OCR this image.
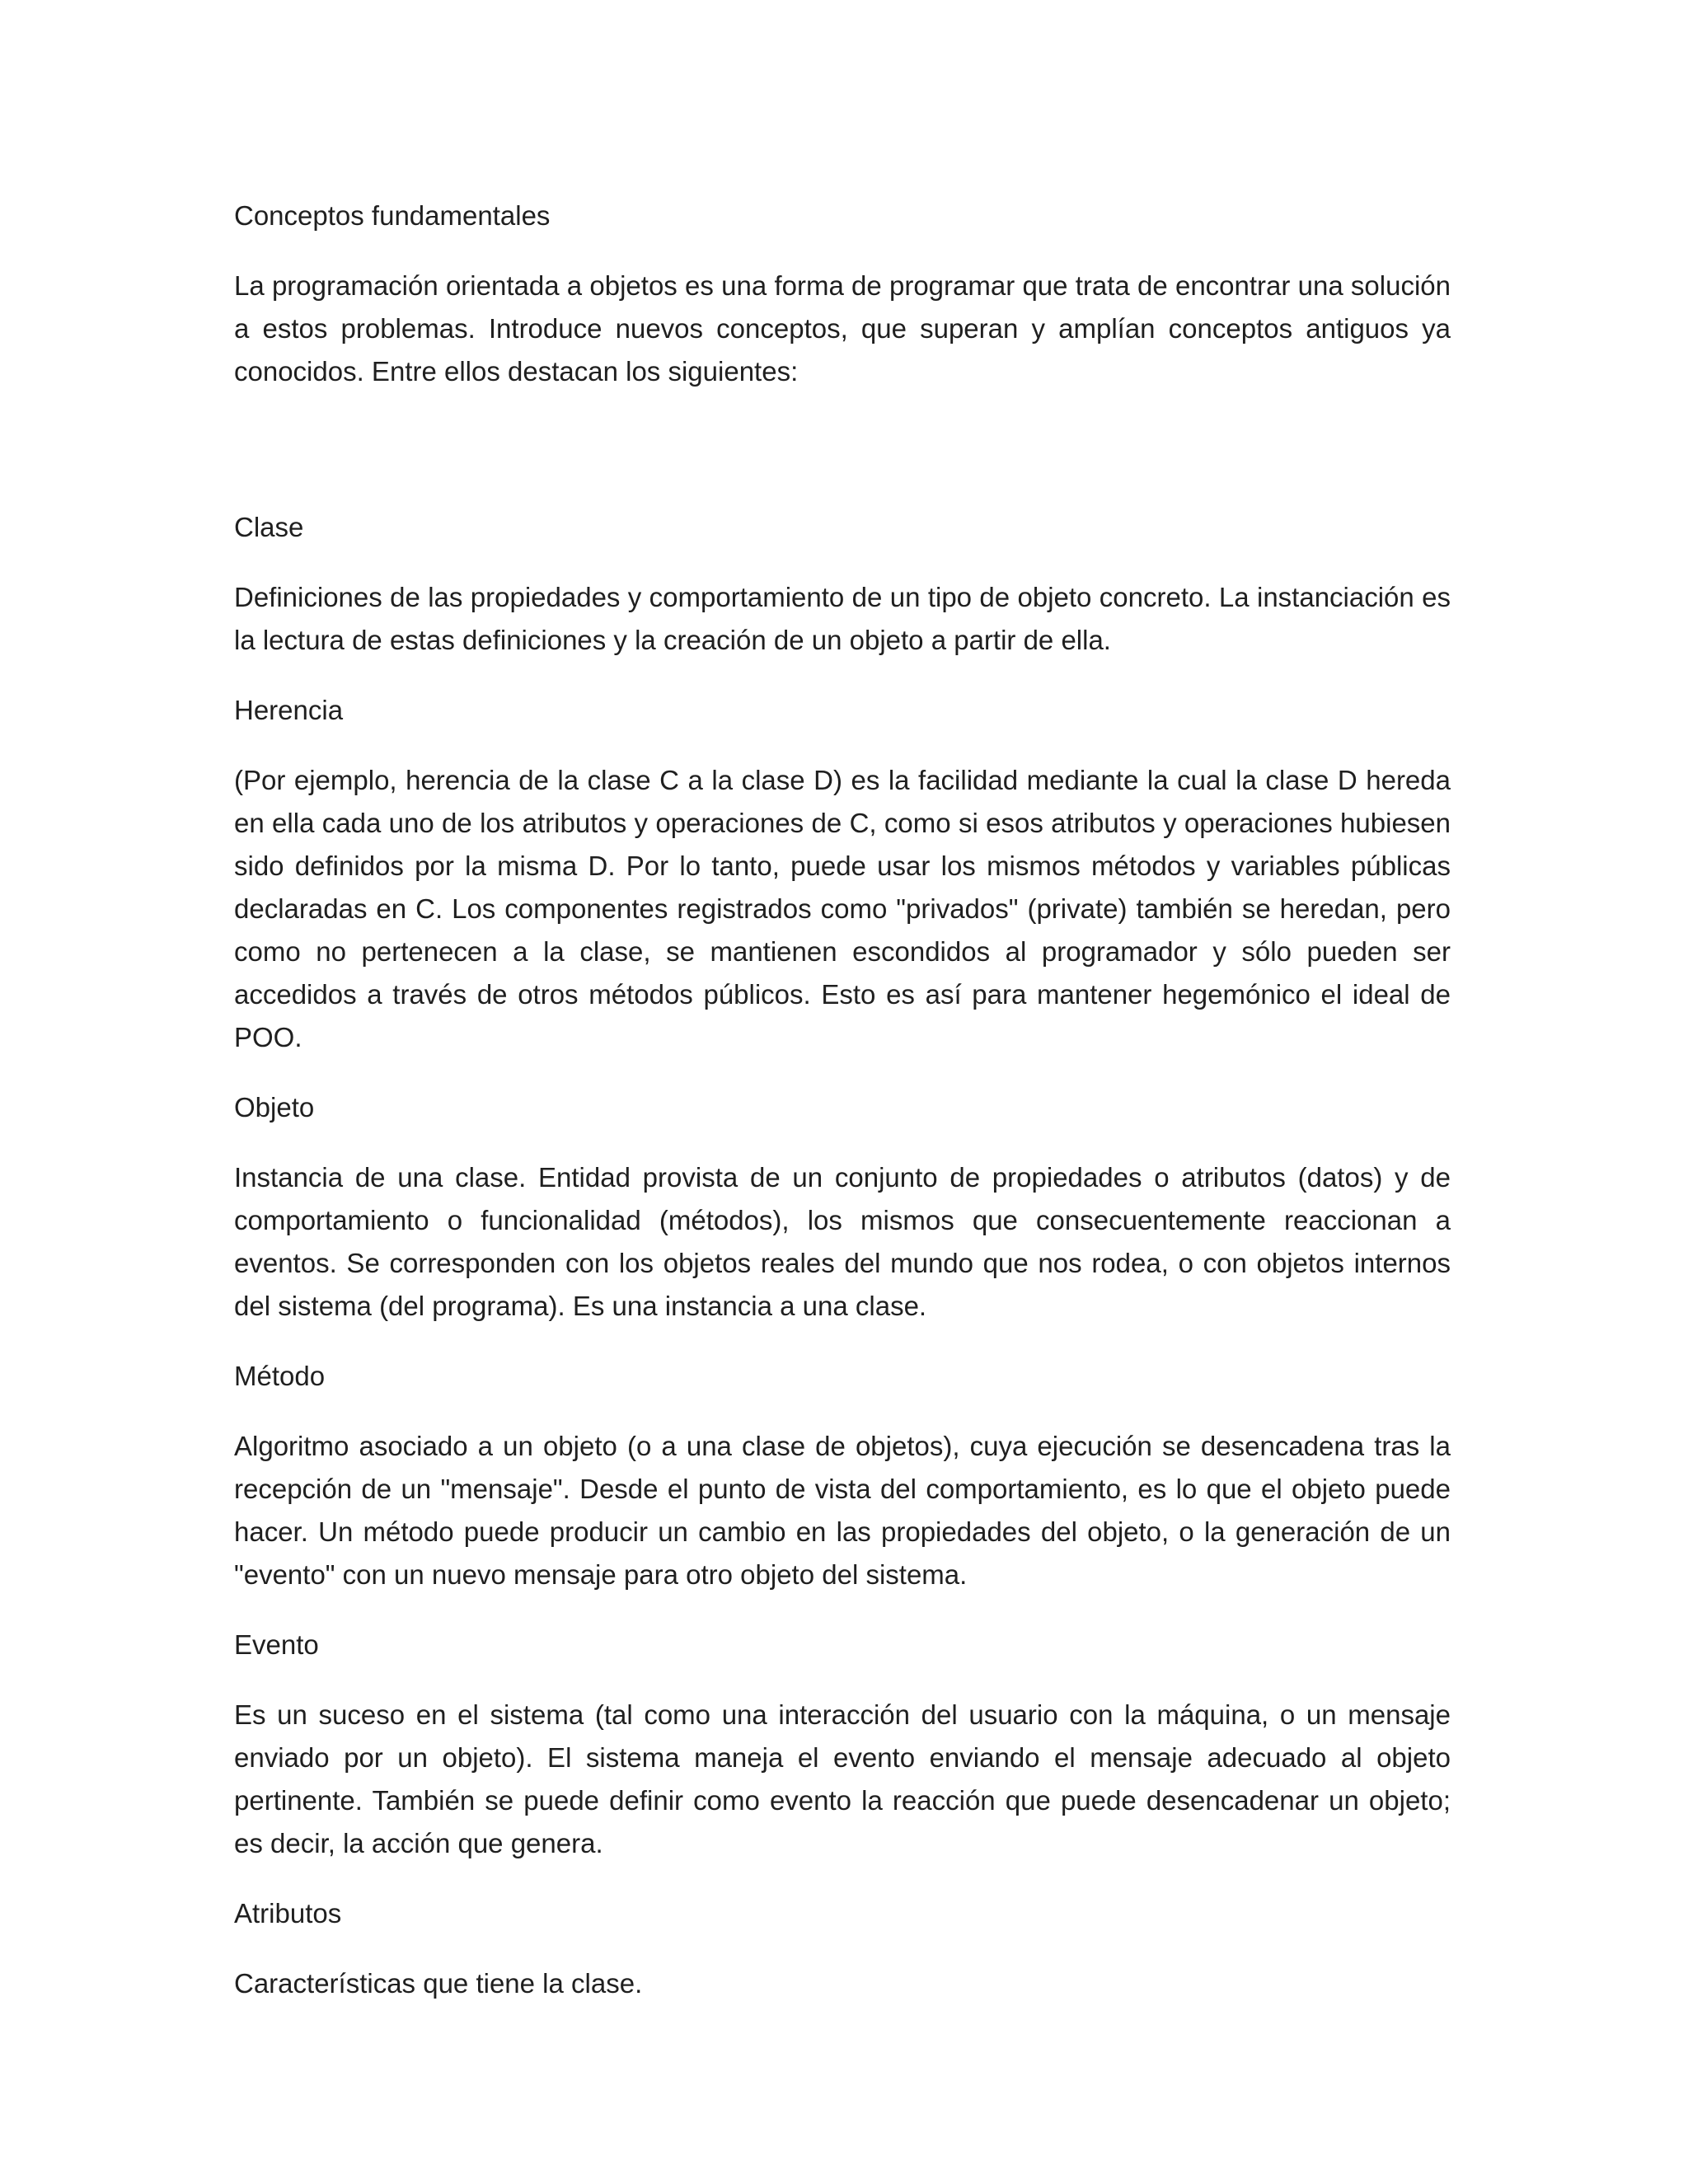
Conceptos fundamentales

La programación orientada a objetos es una forma de programar que trata de encontrar una solución a estos problemas. Introduce nuevos conceptos, que superan y amplían conceptos antiguos ya conocidos. Entre ellos destacan los siguientes:

Clase

Definiciones de las propiedades y comportamiento de un tipo de objeto concreto. La instanciación es la lectura de estas definiciones y la creación de un objeto a partir de ella.

Herencia

(Por ejemplo, herencia de la clase C a la clase D) es la facilidad mediante la cual la clase D hereda en ella cada uno de los atributos y operaciones de C, como si esos atributos y operaciones hubiesen sido definidos por la misma D. Por lo tanto, puede usar los mismos métodos y variables públicas declaradas en C. Los componentes registrados como "privados" (private) también se heredan, pero como no pertenecen a la clase, se mantienen escondidos al programador y sólo pueden ser accedidos a través de otros métodos públicos. Esto es así para mantener hegemónico el ideal de POO.

Objeto

Instancia de una clase. Entidad provista de un conjunto de propiedades o atributos (datos) y de comportamiento o funcionalidad (métodos), los mismos que consecuentemente reaccionan a eventos. Se corresponden con los objetos reales del mundo que nos rodea, o con objetos internos del sistema (del programa). Es una instancia a una clase.

Método

Algoritmo asociado a un objeto (o a una clase de objetos), cuya ejecución se desencadena tras la recepción de un "mensaje". Desde el punto de vista del comportamiento, es lo que el objeto puede hacer. Un método puede producir un cambio en las propiedades del objeto, o la generación de un "evento" con un nuevo mensaje para otro objeto del sistema.

Evento

Es un suceso en el sistema (tal como una interacción del usuario con la máquina, o un mensaje enviado por un objeto). El sistema maneja el evento enviando el mensaje adecuado al objeto pertinente. También se puede definir como evento la reacción que puede desencadenar un objeto; es decir, la acción que genera.

Atributos

Características que tiene la clase.
